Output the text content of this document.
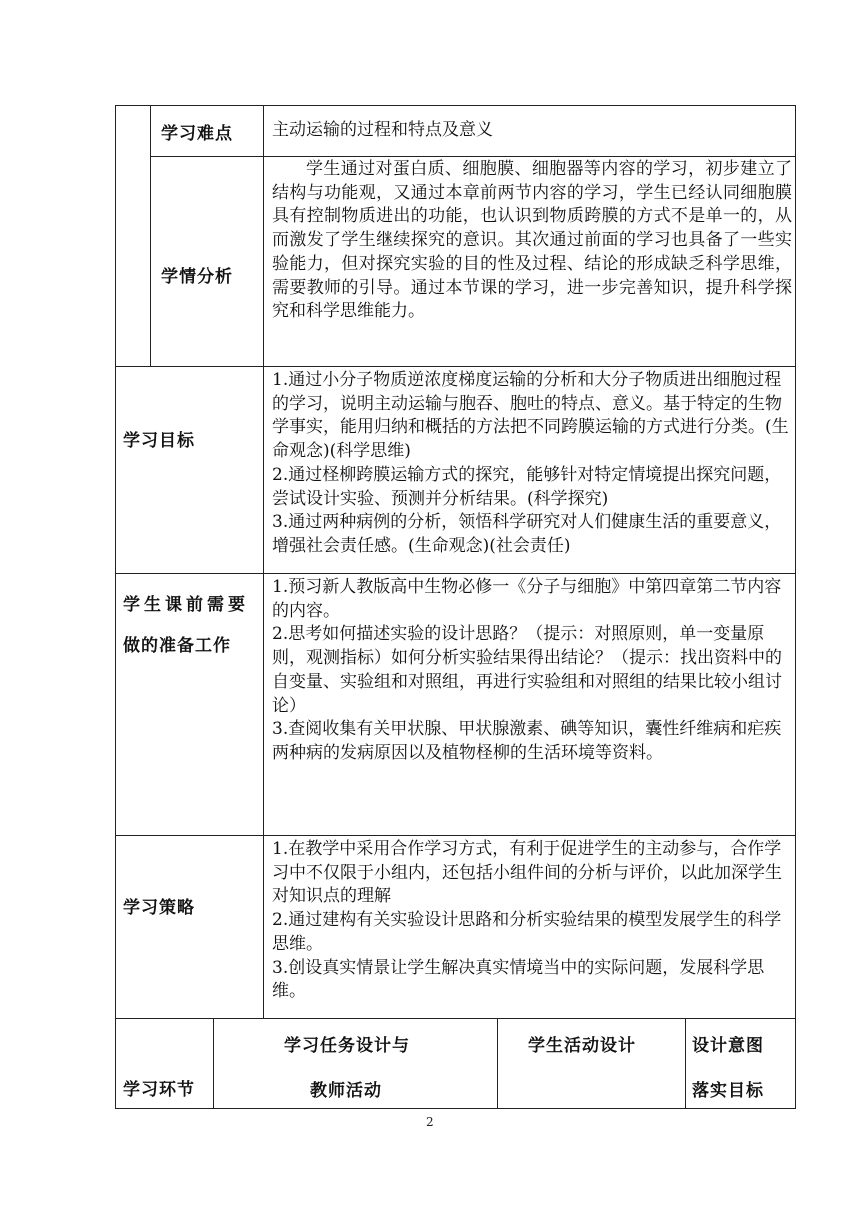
学习难点 主动运输的过程和特点及意义
学情分析
学生通过对蛋白质、细胞膜、细胞器等内容的学习，初步建立了结构与功能观，又通过本章前两节内容的学习，学生已经认同细胞膜具有控制物质进出的功能，也认识到物质跨膜的方式不是单一的，从而激发了学生继续探究的意识。其次通过前面的学习也具备了一些实验能力，但对探究实验的目的性及过程、结论的形成缺乏科学思维，需要教师的引导。通过本节课的学习，进一步完善知识，提升科学探究和科学思维能力。
学习目标

1.通过小分子物质逆浓度梯度运输的分析和大分子物质进出细胞过程的学习，说明主动运输与胞吞、胞吐的特点、意义。基于特定的生物学事实，能用归纳和概括的方法把不同跨膜运输的方式进行分类。(生命观念)(科学思维)

2.通过柽柳跨膜运输方式的探究，能够针对特定情境提出探究问题，尝试设计实验、预测并分析结果。(科学探究)

3.通过两种病例的分析，领悟科学研究对人们健康生活的重要意义，增强社会责任感。(生命观念)(社会责任)

学生课前需要
做的准备工作

1.预习新人教版高中生物必修一《分子与细胞》中第四章第二节内容的内容。

2.思考如何描述实验的设计思路？（提示：对照原则，单一变量原则，观测指标）如何分析实验结果得出结论？（提示：找出资料中的自变量、实验组和对照组，再进行实验组和对照组的结果比较小组讨论）

3.查阅收集有关甲状腺、甲状腺激素、碘等知识，囊性纤维病和疟疾两种病的发病原因以及植物柽柳的生活环境等资料。

学习策略

1.在教学中采用合作学习方式，有利于促进学生的主动参与，合作学习中不仅限于小组内，还包括小组件间的分析与评价，以此加深学生对知识点的理解

2.通过建构有关实验设计思路和分析实验结果的模型发展学生的科学思维。

3.创设真实情景让学生解决真实情境当中的实际问题，发展科学思维。

学习环节
学习任务设计与
教师活动
学生活动设计	设计意图
落实目标
2
